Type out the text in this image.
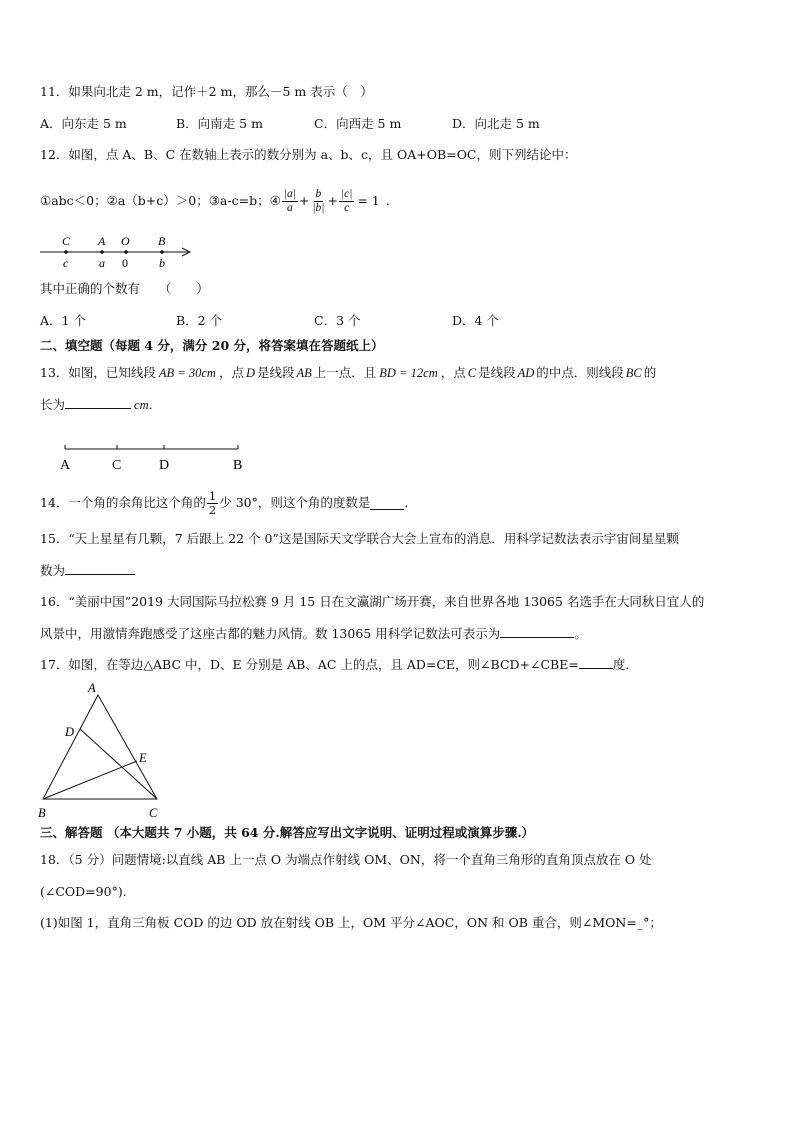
11．如果向北走 2 m，记作＋2 m，那么－5 m 表示（　）
A．向东走 5 m	B．向南走 5 m	C．向西走 5 m	D．向北走 5 m
12．如图，点 A、B、C 在数轴上表示的数分别为 a、b、c，且 OA+OB=OC，则下列结论中：
①abc＜0； ②a（b+c）＞0； ③a-c=b； ④ $\frac{|a|}{a} + \frac{b}{|b|} + \frac{|c|}{c} = 1$ ．
C A O B
c	a 0	b
其中正确的个数有　　（　　）
A．1 个	B．2 个	C．3 个	D．4 个
二、填空题（每题 4 分，满分 20 分，将答案填在答题纸上）
13．如图，已知线段 AB = 30cm ，点 D 是线段 AB 上一点．且 BD = 12cm ，点 C 是线段 AD 的中点．则线段 BC 的
长为	cm．
A	C	D	B
14．一个角的余角比这个角的 $\frac{1}{2}$ 少 30°，则这个角的度数是	．
15．“天上星星有几颗，7 后跟上 22 个 0”这是国际天文学联合大会上宣布的消息．用科学记数法表示宇宙间星星颗
数为
16．“美丽中国”2019 大同国际马拉松赛 9 月 15 日在文瀛湖广场开赛，来自世界各地 13065 名选手在大同秋日宜人的
风景中，用激情奔跑感受了这座古都的魅力风情。数 13065 用科学记数法可表示为	。
17．如图，在等边△ABC 中，D、E 分别是 AB、AC 上的点，且 AD=CE，则∠BCD+∠CBE=	度.
A
D
E
B	C
三、解答题 （本大题共 7 小题，共 64 分.解答应写出文字说明、证明过程或演算步骤.）
18．（5 分）问题情境:以直线 AB 上一点 O 为端点作射线 OM、ON，将一个直角三角形的直角顶点放在 O 处
(∠COD=90°).
(1)如图 1，直角三角板 COD 的边 OD 放在射线 OB 上，OM 平分∠AOC，ON 和 OB 重合，则∠MON=_°；
